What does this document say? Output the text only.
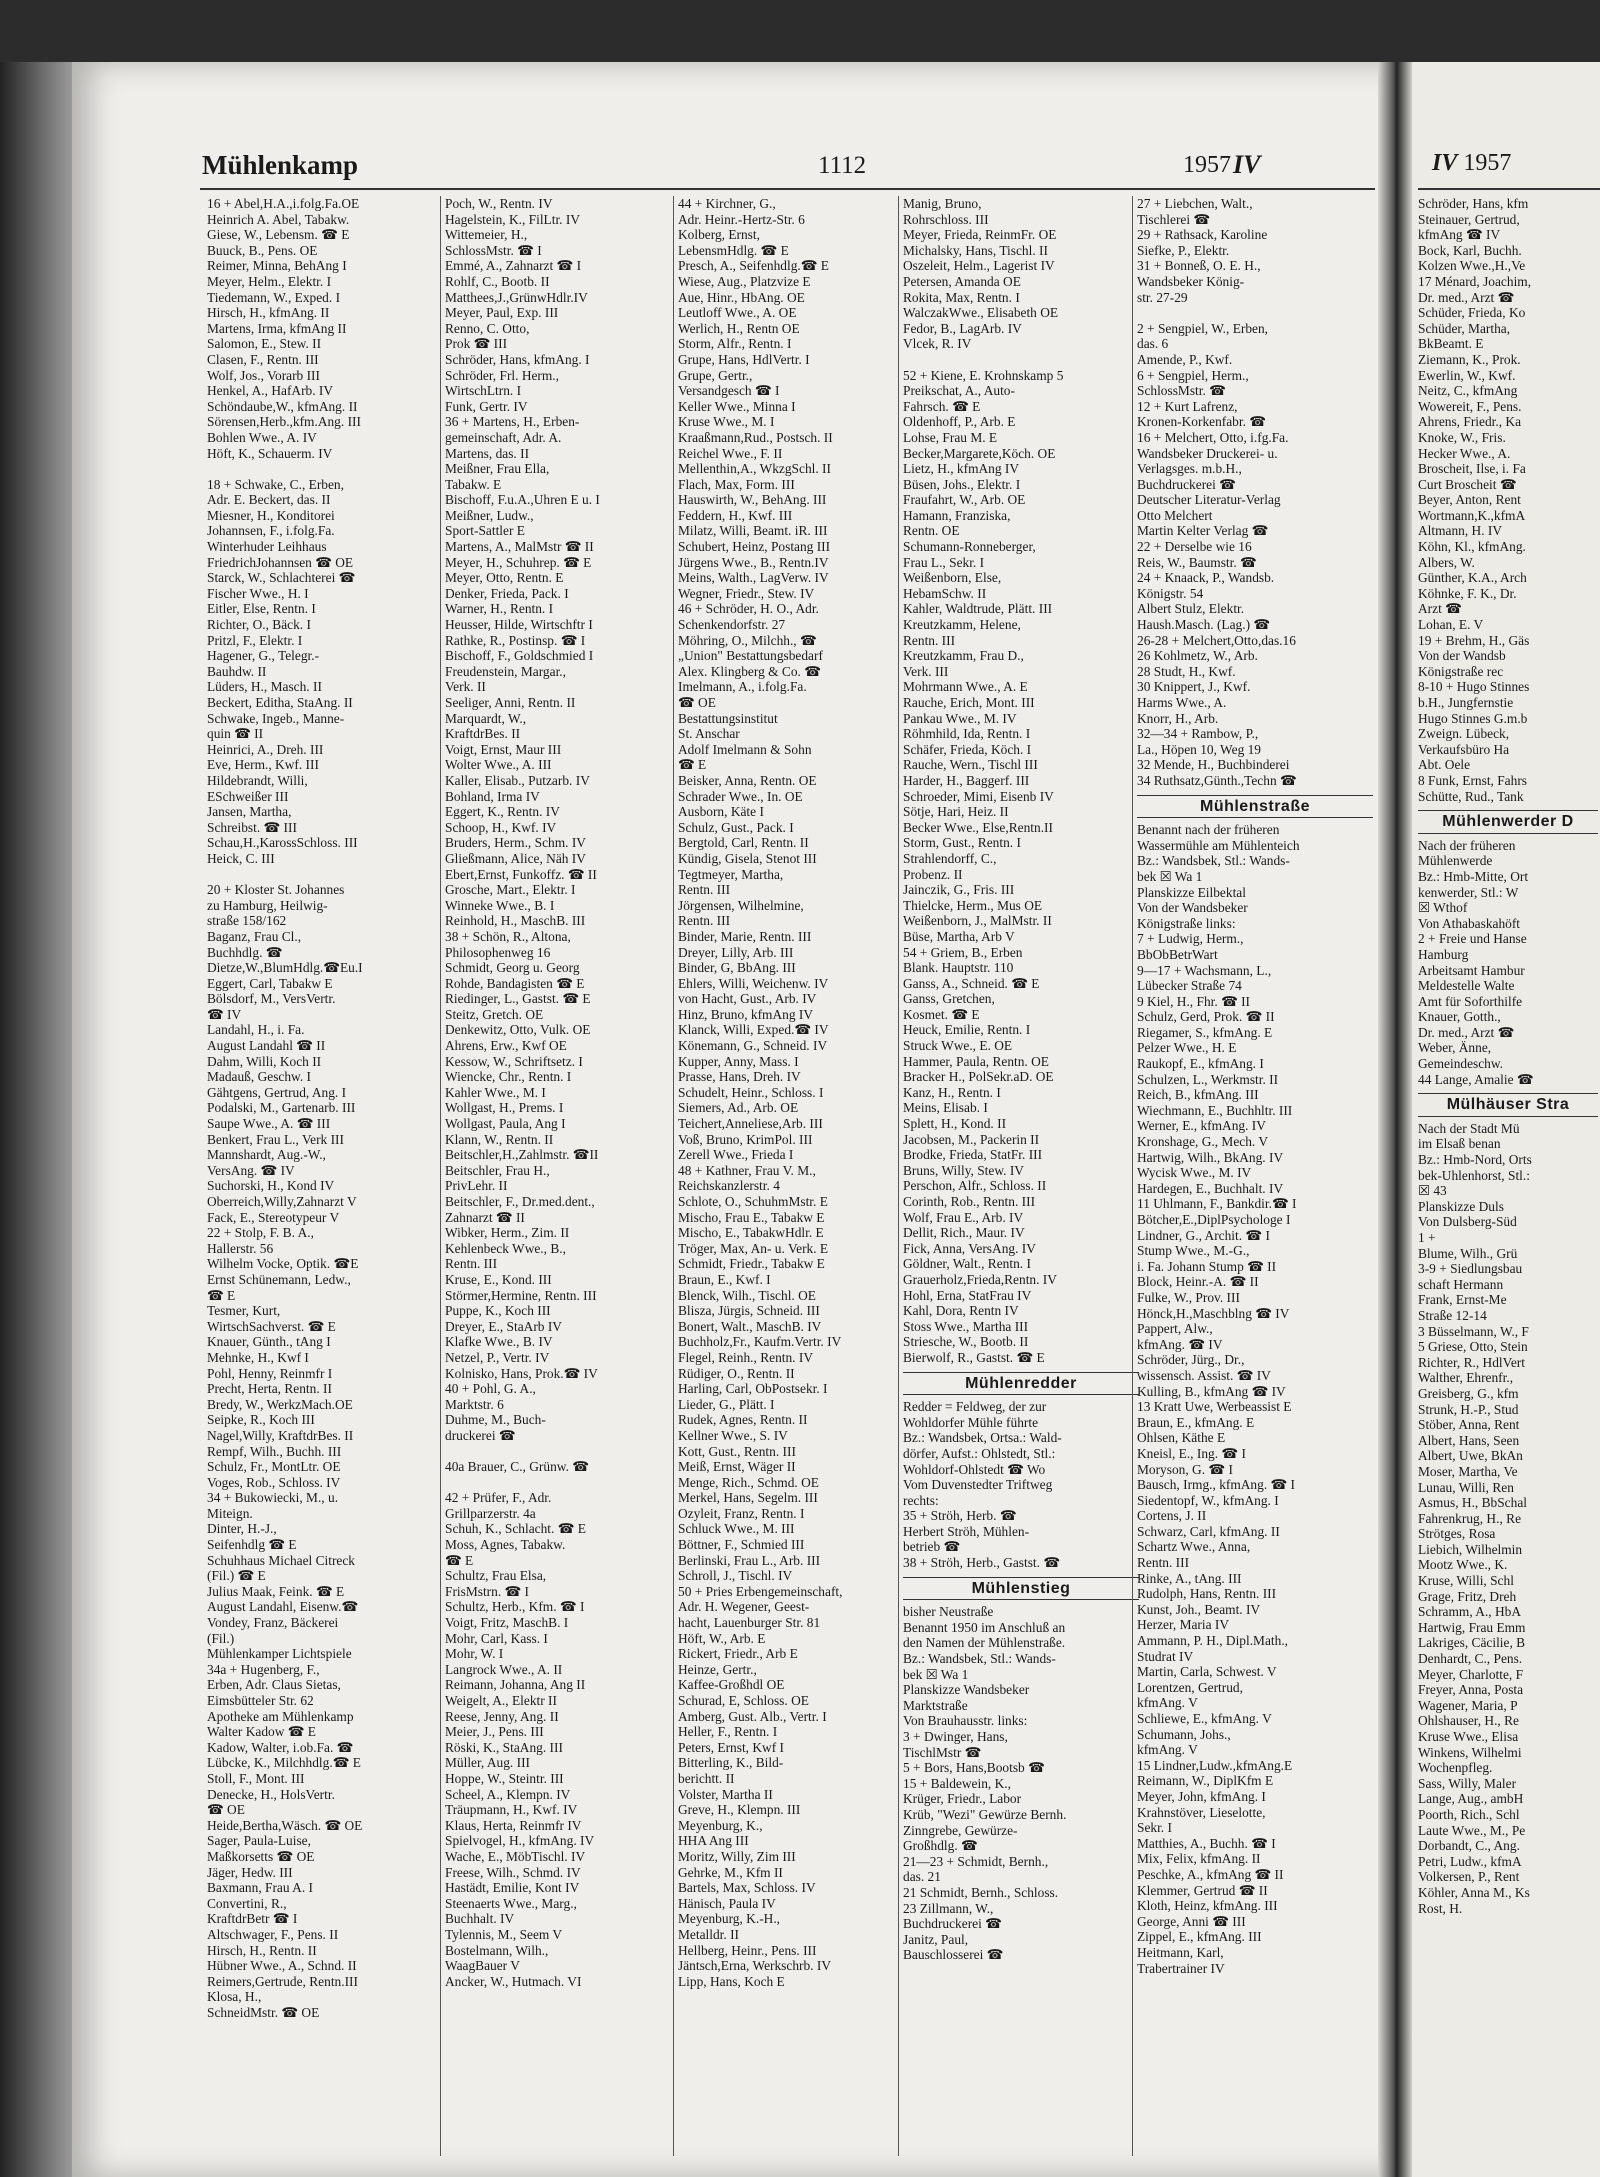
Mühlenkamp	1112	1957 IV	IV 1957
16 + Abel,H.A.,i.folg.Fa.OE
Heinrich A. Abel, Tabakw.
Giese, W., Lebensm. ☎ E
Buuck, B., Pens. OE
Reimer, Minna, BehAng I
Meyer, Helm., Elektr. I
Tiedemann, W., Exped. I
Hirsch, H., kfmAng. II
Martens, Irma, kfmAng II
Salomon, E., Stew. II
Clasen, F., Rentn. III
Wolf, Jos., Vorarb III
Henkel, A., HafArb. IV
Schöndaube,W., kfmAng. II
Sörensen,Herb.,kfm.Ang. III
Bohlen Wwe., A. IV
Höft, K., Schauerm. IV

18 + Schwake, C., Erben,
Adr. E. Beckert, das. II
Miesner, H., Konditorei
Johannsen, F., i.folg.Fa.
Winterhuder Leihhaus
FriedrichJohannsen ☎ OE
Starck, W., Schlachterei ☎
Fischer Wwe., H. I
Eitler, Else, Rentn. I
Richter, O., Bäck. I
Pritzl, F., Elektr. I
Hagener, G., Telegr.-
Bauhdw. II
Lüders, H., Masch. II
Beckert, Editha, StaAng. II
Schwake, Ingeb., Manne-
quin ☎ II
Heinrici, A., Dreh. III
Eve, Herm., Kwf. III
Hildebrandt, Willi,
ESchweißer III
Jansen, Martha,
Schreibst. ☎ III
Schau,H.,KarossSchloss. III
Heick, C. III

20 + Kloster St. Johannes
zu Hamburg, Heilwig-
straße 158/162
Baganz, Frau Cl.,
Buchhdlg. ☎
Dietze,W.,BlumHdlg.☎Eu.I
Eggert, Carl, Tabakw E
Bölsdorf, M., VersVertr.
☎ IV
Landahl, H., i. Fa.
August Landahl ☎ II
Dahm, Willi, Koch II
Madauß, Geschw. I
Gähtgens, Gertrud, Ang. I
Podalski, M., Gartenarb. III
Saupe Wwe., A. ☎ III
Benkert, Frau L., Verk III
Mannshardt, Aug.-W.,
VersAng. ☎ IV
Suchorski, H., Kond IV
Oberreich,Willy,Zahnarzt V
Fack, E., Stereotypeur V
22 + Stolp, F. B. A.,
Hallerstr. 56
Wilhelm Vocke, Optik. ☎E
Ernst Schünemann, Ledw.,
☎ E
Tesmer, Kurt,
WirtschSachverst. ☎ E
Knauer, Günth., tAng I
Mehnke, H., Kwf I
Pohl, Henny, Reinmfr I
Precht, Herta, Rentn. II
Bredy, W., WerkzMach.OE
Seipke, R., Koch III
Nagel,Willy, KraftdrBes. II
Rempf, Wilh., Buchh. III
Schulz, Fr., MontLtr. OE
Voges, Rob., Schloss. IV
34 + Bukowiecki, M., u.
Miteign.
Dinter, H.-J.,
Seifenhdlg ☎ E
Schuhhaus Michael Citreck
(Fil.) ☎ E
Julius Maak, Feink. ☎ E
August Landahl, Eisenw.☎
Vondey, Franz, Bäckerei
(Fil.)
Mühlenkamper Lichtspiele
34a + Hugenberg, F.,
Erben, Adr. Claus Sietas,
Eimsbütteler Str. 62
Apotheke am Mühlenkamp
Walter Kadow ☎ E
Kadow, Walter, i.ob.Fa. ☎
Lübcke, K., Milchhdlg.☎ E
Stoll, F., Mont. III
Denecke, H., HolsVertr.
☎ OE
Heide,Bertha,Wäsch. ☎ OE
Sager, Paula-Luise,
Maßkorsetts ☎ OE
Jäger, Hedw. III
Baxmann, Frau A. I
Convertini, R.,
KraftdrBetr ☎ I
Altschwager, F., Pens. II
Hirsch, H., Rentn. II
Hübner Wwe., A., Schnd. II
Reimers,Gertrude, Rentn.III
Klosa, H.,
SchneidMstr. ☎ OE
Poch, W., Rentn. IV
Hagelstein, K., FilLtr. IV
Wittemeier, H.,
SchlossMstr. ☎ I
Emmé, A., Zahnarzt ☎ I
Rohlf, C., Bootb. II
Matthees,J.,GrünwHdlr.IV
Meyer, Paul, Exp. III
Renno, C. Otto,
Prok ☎ III
Schröder, Hans, kfmAng. I
Schröder, Frl. Herm.,
WirtschLtrn. I
Funk, Gertr. IV
36 + Martens, H., Erben-
gemeinschaft, Adr. A.
Martens, das. II
Meißner, Frau Ella,
Tabakw. E
Bischoff, F.u.A.,Uhren E u. I
Meißner, Ludw.,
Sport-Sattler E
Martens, A., MalMstr ☎ II
Meyer, H., Schuhrep. ☎ E
Meyer, Otto, Rentn. E
Denker, Frieda, Pack. I
Warner, H., Rentn. I
Heusser, Hilde, Wirtschftr I
Rathke, R., Postinsp. ☎ I
Bischoff, F., Goldschmied I
Freudenstein, Margar.,
Verk. II
Seeliger, Anni, Rentn. II
Marquardt, W.,
KraftdrBes. II
Voigt, Ernst, Maur III
Wolter Wwe., A. III
Kaller, Elisab., Putzarb. IV
Bohland, Irma IV
Eggert, K., Rentn. IV
Schoop, H., Kwf. IV
Bruders, Herm., Schm. IV
Gließmann, Alice, Näh IV
Ebert,Ernst, Funkoffz. ☎ II
Grosche, Mart., Elektr. I
Winneke Wwe., B. I
Reinhold, H., MaschB. III
38 + Schön, R., Altona,
Philosophenweg 16
Schmidt, Georg u. Georg
Rohde, Bandagisten ☎ E
Riedinger, L., Gastst. ☎ E
Steitz, Gretch. OE
Denkewitz, Otto, Vulk. OE
Ahrens, Erw., Kwf OE
Kessow, W., Schriftsetz. I
Wiencke, Chr., Rentn. I
Kahler Wwe., M. I
Wollgast, H., Prems. I
Wollgast, Paula, Ang I
Klann, W., Rentn. II
Beitschler,H.,Zahlmstr. ☎II
Beitschler, Frau H.,
PrivLehr. II
Beitschler, F., Dr.med.dent.,
Zahnarzt ☎ II
Wibker, Herm., Zim. II
Kehlenbeck Wwe., B.,
Rentn. III
Kruse, E., Kond. III
Störmer,Hermine, Rentn. III
Puppe, K., Koch III
Dreyer, E., StaArb IV
Klafke Wwe., B. IV
Netzel, P., Vertr. IV
Kolnisko, Hans, Prok.☎ IV
40 + Pohl, G. A.,
Marktstr. 6
Duhme, M., Buch-
druckerei ☎

40a Brauer, C., Grünw. ☎

42 + Prüfer, F., Adr.
Grillparzerstr. 4a
Schuh, K., Schlacht. ☎ E
Moss, Agnes, Tabakw.
☎ E
Schultz, Frau Elsa,
FrisMstrn. ☎ I
Schultz, Herb., Kfm. ☎ I
Voigt, Fritz, MaschB. I
Mohr, Carl, Kass. I
Mohr, W. I
Langrock Wwe., A. II
Reimann, Johanna, Ang II
Weigelt, A., Elektr II
Reese, Jenny, Ang. II
Meier, J., Pens. III
Röski, K., StaAng. III
Müller, Aug. III
Hoppe, W., Steintr. III
Scheel, A., Klempn. IV
Träupmann, H., Kwf. IV
Klaus, Herta, Reinmfr IV
Spielvogel, H., kfmAng. IV
Wache, E., MöbTischl. IV
Freese, Wilh., Schmd. IV
Hastädt, Emilie, Kont IV
Steenaerts Wwe., Marg.,
Buchhalt. IV
Tylennis, M., Seem V
Bostelmann, Wilh.,
WaagBauer V
Ancker, W., Hutmach. VI
44 + Kirchner, G.,
Adr. Heinr.-Hertz-Str. 6
Kolberg, Ernst,
LebensmHdlg. ☎ E
Presch, A., Seifenhdlg.☎ E
Wiese, Aug., Platzvize E
Aue, Hinr., HbAng. OE
Leutloff Wwe., A. OE
Werlich, H., Rentn OE
Storm, Alfr., Rentn. I
Grupe, Hans, HdlVertr. I
Grupe, Gertr.,
Versandgesch ☎ I
Keller Wwe., Minna I
Kruse Wwe., M. I
Kraaßmann,Rud., Postsch. II
Reichel Wwe., F. II
Mellenthin,A., WkzgSchl. II
Flach, Max, Form. III
Hauswirth, W., BehAng. III
Feddern, H., Kwf. III
Milatz, Willi, Beamt. iR. III
Schubert, Heinz, Postang III
Jürgens Wwe., B., Rentn.IV
Meins, Walth., LagVerw. IV
Wegner, Friedr., Stew. IV
46 + Schröder, H. O., Adr.
Schenkendorfstr. 27
Möhring, O., Milchh., ☎
„Union" Bestattungsbedarf
Alex. Klingberg & Co. ☎
Imelmann, A., i.folg.Fa.
☎ OE
Bestattungsinstitut
St. Anschar
Adolf Imelmann & Sohn
☎ E
Beisker, Anna, Rentn. OE
Schrader Wwe., In. OE
Ausborn, Käte I
Schulz, Gust., Pack. I
Bergtold, Carl, Rentn. II
Kündig, Gisela, Stenot III
Tegtmeyer, Martha,
Rentn. III
Jörgensen, Wilhelmine,
Rentn. III
Binder, Marie, Rentn. III
Dreyer, Lilly, Arb. III
Binder, G, BbAng. III
Ehlers, Willi, Weichenw. IV
von Hacht, Gust., Arb. IV
Hinz, Bruno, kfmAng IV
Klanck, Willi, Exped.☎ IV
Könemann, G., Schneid. IV
Kupper, Anny, Mass. I
Prasse, Hans, Dreh. IV
Schudelt, Heinr., Schloss. I
Siemers, Ad., Arb. OE
Teichert,Anneliese,Arb. III
Voß, Bruno, KrimPol. III
Zerell Wwe., Frieda I
48 + Kathner, Frau V. M.,
Reichskanzlerstr. 4
Schlote, O., SchuhmMstr. E
Mischo, Frau E., Tabakw E
Mischo, E., TabakwHdlr. E
Tröger, Max, An- u. Verk. E
Schmidt, Friedr., Tabakw E
Braun, E., Kwf. I
Blenck, Wilh., Tischl. OE
Blisza, Jürgis, Schneid. III
Bonert, Walt., MaschB. IV
Buchholz,Fr., Kaufm.Vertr. IV
Flegel, Reinh., Rentn. IV
Rüdiger, O., Rentn. II
Harling, Carl, ObPostsekr. I
Lieder, G., Plätt. I
Rudek, Agnes, Rentn. II
Kellner Wwe., S. IV
Kott, Gust., Rentn. III
Meiß, Ernst, Wäger II
Menge, Rich., Schmd. OE
Merkel, Hans, Segelm. III
Ozyleit, Franz, Rentn. I
Schluck Wwe., M. III
Böttner, F., Schmied III
Berlinski, Frau L., Arb. III
Schroll, J., Tischl. IV
50 + Pries Erbengemeinschaft,
Adr. H. Wegener, Geest-
hacht, Lauenburger Str. 81
Höft, W., Arb. E
Rickert, Friedr., Arb E
Heinze, Gertr.,
Kaffee-Großhdl OE
Schurad, E, Schloss. OE
Amberg, Gust. Alb., Vertr. I
Heller, F., Rentn. I
Peters, Ernst, Kwf I
Bitterling, K., Bild-
berichtt. II
Volster, Martha II
Greve, H., Klempn. III
Meyenburg, K.,
HHA Ang III
Moritz, Willy, Zim III
Gehrke, M., Kfm II
Bartels, Max, Schloss. IV
Hänisch, Paula IV
Meyenburg, K.-H.,
Metalldr. II
Hellberg, Heinr., Pens. III
Jäntsch,Erna, Werkschrb. IV
Lipp, Hans, Koch E
Manig, Bruno,
Rohrschloss. III
Meyer, Frieda, ReinmFr. OE
Michalsky, Hans, Tischl. II
Oszeleit, Helm., Lagerist IV
Petersen, Amanda OE
Rokita, Max, Rentn. I
WalczakWwe., Elisabeth OE
Fedor, B., LagArb. IV
Vlcek, R. IV

52 + Kiene, E. Krohnskamp 5
Preikschat, A., Auto-
Fahrsch. ☎ E
Oldenhoff, P., Arb. E
Lohse, Frau M. E
Becker,Margarete,Köch. OE
Lietz, H., kfmAng IV
Büsen, Johs., Elektr. I
Fraufahrt, W., Arb. OE
Hamann, Franziska,
Rentn. OE
Schumann-Ronneberger,
Frau L., Sekr. I
Weißenborn, Else,
HebamSchw. II
Kahler, Waldtrude, Plätt. III
Kreutzkamm, Helene,
Rentn. III
Kreutzkamm, Frau D.,
Verk. III
Mohrmann Wwe., A. E
Rauche, Erich, Mont. III
Pankau Wwe., M. IV
Röhmhild, Ida, Rentn. I
Schäfer, Frieda, Köch. I
Rauche, Wern., Tischl III
Harder, H., Baggerf. III
Schroeder, Mimi, Eisenb IV
Sötje, Hari, Heiz. II
Becker Wwe., Else,Rentn.II
Storm, Gust., Rentn. I
Strahlendorff, C.,
Probenz. II
Jainczik, G., Fris. III
Thielcke, Herm., Mus OE
Weißenborn, J., MalMstr. II
Büse, Martha, Arb V
54 + Griem, B., Erben
Blank. Hauptstr. 110
Ganss, A., Schneid. ☎ E
Ganss, Gretchen,
Kosmet. ☎ E
Heuck, Emilie, Rentn. I
Struck Wwe., E. OE
Hammer, Paula, Rentn. OE
Bracker H., PolSekr.aD. OE
Kanz, H., Rentn. I
Meins, Elisab. I
Splett, H., Kond. II
Jacobsen, M., Packerin II
Brodke, Frieda, StatFr. III
Bruns, Willy, Stew. IV
Perschon, Alfr., Schloss. II
Corinth, Rob., Rentn. III
Wolf, Frau E., Arb. IV
Dellit, Rich., Maur. IV
Fick, Anna, VersAng. IV
Göldner, Walt., Rentn. I
Grauerholz,Frieda,Rentn. IV
Hohl, Erna, StatFrau IV
Kahl, Dora, Rentn IV
Stoss Wwe., Martha III
Striesche, W., Bootb. II
Bierwolf, R., Gastst. ☎ E
Mühlenredder
Redder = Feldweg, der zur
Wohldorfer Mühle führte
Bz.: Wandsbek, Ortsa.: Wald-
dörfer, Aufst.: Ohlstedt, Stl.:
Wohldorf-Ohlstedt ☎ Wo
Vom Duvenstedter Triftweg
rechts:
35 + Ströh, Herb. ☎
Herbert Ströh, Mühlen-
betrieb ☎
38 + Ströh, Herb., Gastst. ☎
Mühlenstieg
bisher Neustraße
Benannt 1950 im Anschluß an
den Namen der Mühlenstraße.
Bz.: Wandsbek, Stl.: Wands-
bek ☒ Wa 1
Planskizze Wandsbeker
Marktstraße
Von Brauhausstr. links:
3 + Dwinger, Hans,
TischlMstr ☎
5 + Bors, Hans,Bootsb ☎
15 + Baldewein, K.,
Krüger, Friedr., Labor
Krüb, "Wezi" Gewürze Bernh.
Zinngrebe, Gewürze-
Großhdlg. ☎
21—23 + Schmidt, Bernh.,
das. 21
21 Schmidt, Bernh., Schloss.
23 Zillmann, W.,
Buchdruckerei ☎
Janitz, Paul,
Bauschlosserei ☎
27 + Liebchen, Walt.,
Tischlerei ☎
29 + Rathsack, Karoline
Siefke, P., Elektr.
31 + Bonneß, O. E. H.,
Wandsbeker König-
str. 27-29

2 + Sengpiel, W., Erben,
das. 6
Amende, P., Kwf.
6 + Sengpiel, Herm.,
SchlossMstr. ☎
12 + Kurt Lafrenz,
Kronen-Korkenfabr. ☎
16 + Melchert, Otto, i.fg.Fa.
Wandsbeker Druckerei- u.
Verlagsges. m.b.H.,
Buchdruckerei ☎
Deutscher Literatur-Verlag
Otto Melchert
Martin Kelter Verlag ☎
22 + Derselbe wie 16
Reis, W., Baumstr. ☎
24 + Knaack, P., Wandsb.
Königstr. 54
Albert Stulz, Elektr.
Haush.Masch. (Lag.) ☎
26-28 + Melchert,Otto,das.16
26 Kohlmetz, W., Arb.
28 Studt, H., Kwf.
30 Knippert, J., Kwf.
Harms Wwe., A.
Knorr, H., Arb.
32—34 + Rambow, P.,
La., Höpen 10, Weg 19
32 Mende, H., Buchbinderei
34 Ruthsatz,Günth.,Techn ☎
Mühlenstraße
Benannt nach der früheren
Wassermühle am Mühlenteich
Bz.: Wandsbek, Stl.: Wands-
bek ☒ Wa 1
Planskizze Eilbektal
Von der Wandsbeker
Königstraße links:
7 + Ludwig, Herm.,
BbObBetrWart
9—17 + Wachsmann, L.,
Lübecker Straße 74
9 Kiel, H., Fhr. ☎ II
Schulz, Gerd, Prok. ☎ II
Riegamer, S., kfmAng. E
Pelzer Wwe., H. E
Raukopf, E., kfmAng. I
Schulzen, L., Werkmstr. II
Reich, B., kfmAng. III
Wiechmann, E., Buchhltr. III
Werner, E., kfmAng. IV
Kronshage, G., Mech. V
Hartwig, Wilh., BkAng. IV
Wycisk Wwe., M. IV
Hardegen, E., Buchhalt. IV
11 Uhlmann, F., Bankdir.☎ I
Bötcher,E.,DiplPsychologe I
Lindner, G., Archit. ☎ I
Stump Wwe., M.-G.,
i. Fa. Johann Stump ☎ II
Block, Heinr.-A. ☎ II
Fulke, W., Prov. III
Hönck,H.,Maschblng ☎ IV
Pappert, Alw.,
kfmAng. ☎ IV
Schröder, Jürg., Dr.,
wissensch. Assist. ☎ IV
Kulling, B., kfmAng ☎ IV
13 Kratt Uwe, Werbeassist E
Braun, E., kfmAng. E
Ohlsen, Käthe E
Kneisl, E., Ing. ☎ I
Moryson, G. ☎ I
Bausch, Irmg., kfmAng. ☎ I
Siedentopf, W., kfmAng. I
Cortens, J. II
Schwarz, Carl, kfmAng. II
Schartz Wwe., Anna,
Rentn. III
Rinke, A., tAng. III
Rudolph, Hans, Rentn. III
Kunst, Joh., Beamt. IV
Herzer, Maria IV
Ammann, P. H., Dipl.Math.,
Studrat IV
Martin, Carla, Schwest. V
Lorentzen, Gertrud,
kfmAng. V
Schliewe, E., kfmAng. V
Schumann, Johs.,
kfmAng. V
15 Lindner,Ludw.,kfmAng.E
Reimann, W., DiplKfm E
Meyer, John, kfmAng. I
Krahnstöver, Lieselotte,
Sekr. I
Matthies, A., Buchh. ☎ I
Mix, Felix, kfmAng. II
Peschke, A., kfmAng ☎ II
Klemmer, Gertrud ☎ II
Kloth, Heinz, kfmAng. III
George, Anni ☎ III
Zippel, E., kfmAng. III
Heitmann, Karl,
Trabertrainer IV
Schröder, Hans, kfm
Steinauer, Gertrud,
kfmAng ☎ IV
Bock, Karl, Buchh.
Kolzen Wwe.,H.,Ve
17 Ménard, Joachim,
Dr. med., Arzt ☎
Schüder, Frieda, Ko
Schüder, Martha,
BkBeamt. E
Ziemann, K., Prok.
Ewerlin, W., Kwf.
Neitz, C., kfmAng
Wowereit, F., Pens.
Ahrens, Friedr., Ka
Knoke, W., Fris.
Hecker Wwe., A.
Broscheit, Ilse, i. Fa
Curt Broscheit ☎
Beyer, Anton, Rent
Wortmann,K.,kfmA
Altmann, H. IV
Köhn, Kl., kfmAng.
Albers, W.
Günther, K.A., Arch
Köhnke, F. K., Dr.
Arzt ☎
Lohan, E. V
19 + Brehm, H., Gäs
Von der Wandsb
Königstraße rec
8-10 + Hugo Stinnes
b.H., Jungfernstie
Hugo Stinnes G.m.b
Zweign. Lübeck,
Verkaufsbüro Ha
Abt. Oele
8 Funk, Ernst, Fahrs
Schütte, Rud., Tank
Mühlenwerder D
Nach der früheren
Mühlenwerde
Bz.: Hmb-Mitte, Ort
kenwerder, Stl.: W
☒ Wthof
Von Athabaskahöft
2 + Freie und Hanse
Hamburg
Arbeitsamt Hambur
Meldestelle Walte
Amt für Soforthilfe
Knauer, Gotth.,
Dr. med., Arzt ☎
Weber, Änne,
Gemeindeschw.
44 Lange, Amalie ☎
Mülhäuser Stra
Nach der Stadt Mü
im Elsaß benan
Bz.: Hmb-Nord, Orts
bek-Uhlenhorst, Stl.:
☒ 43
Planskizze Duls
Von Dulsberg-Süd
1 +
Blume, Wilh., Grü
3-9 + Siedlungsbau
schaft Hermann
Frank, Ernst-Me
Straße 12-14
3 Büsselmann, W., F
5 Griese, Otto, Stein
Richter, R., HdlVert
Walther, Ehrenfr.,
Greisberg, G., kfm
Strunk, H.-P., Stud
Stöber, Anna, Rent
Albert, Hans, Seen
Albert, Uwe, BkAn
Moser, Martha, Ve
Lunau, Willi, Ren
Asmus, H., BbSchal
Fahrenkrug, H., Re
Strötges, Rosa
Liebich, Wilhelmin
Mootz Wwe., K.
Kruse, Willi, Schl
Grage, Fritz, Dreh
Schramm, A., HbA
Hartwig, Frau Emm
Lakriges, Cäcilie, B
Denhardt, C., Pens.
Meyer, Charlotte, F
Freyer, Anna, Posta
Wagener, Maria, P
Ohlshauser, H., Re
Kruse Wwe., Elisa
Winkens, Wilhelmi
Wochenpfleg.
Sass, Willy, Maler
Lange, Aug., ambH
Poorth, Rich., Schl
Laute Wwe., M., Pe
Dorbandt, C., Ang.
Petri, Ludw., kfmA
Volkersen, P., Rent
Köhler, Anna M., Ks
Rost, H.
